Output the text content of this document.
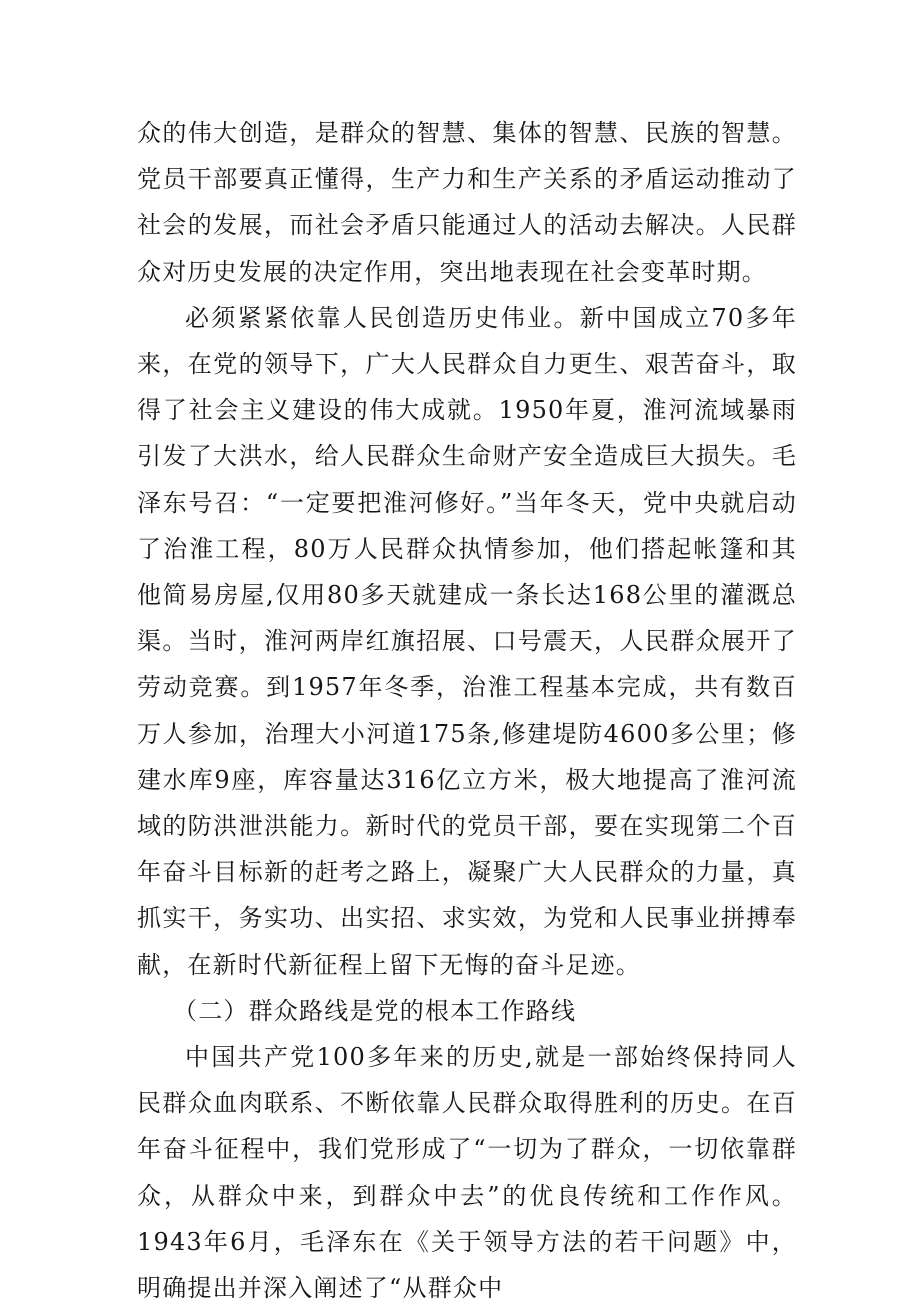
众的伟大创造，是群众的智慧、集体的智慧、民族的智慧。党员干部要真正懂得，生产力和生产关系的矛盾运动推动了社会的发展，而社会矛盾只能通过人的活动去解决。人民群众对历史发展的决定作用，突出地表现在社会变革时期。

必须紧紧依靠人民创造历史伟业。新中国成立70多年来，在党的领导下，广大人民群众自力更生、艰苦奋斗，取得了社会主义建设的伟大成就。1950年夏，淮河流域暴雨引发了大洪水，给人民群众生命财产安全造成巨大损失。毛泽东号召：“一定要把淮河修好。”当年冬天，党中央就启动了治淮工程，80万人民群众执情参加，他们搭起帐篷和其他简易房屋,仅用80多天就建成一条长达168公里的灌溉总渠。当时，淮河两岸红旗招展、口号震天，人民群众展开了劳动竞赛。到1957年冬季，治淮工程基本完成，共有数百万人参加，治理大小河道175条,修建堤防4600多公里；修建水库9座，库容量达316亿立方米，极大地提高了淮河流域的防洪泄洪能力。新时代的党员干部，要在实现第二个百年奋斗目标新的赶考之路上，凝聚广大人民群众的力量，真抓实干，务实功、出实招、求实效，为党和人民事业拼搏奉献，在新时代新征程上留下无悔的奋斗足迹。

（二）群众路线是党的根本工作路线

中国共产党100多年来的历史,就是一部始终保持同人民群众血肉联系、不断依靠人民群众取得胜利的历史。在百年奋斗征程中，我们党形成了“一切为了群众，一切依靠群众，从群众中来，到群众中去”的优良传统和工作作风。1943年6月，毛泽东在《关于领导方法的若干问题》中，明确提出并深入阐述了“从群众中
